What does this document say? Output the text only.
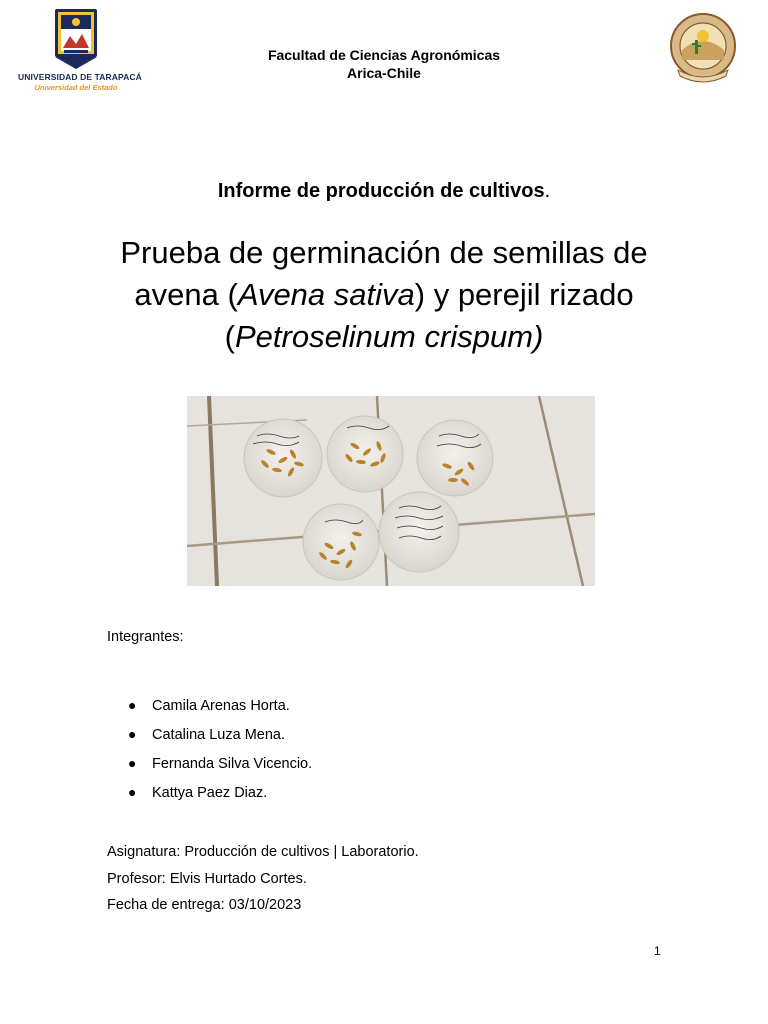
UNIVERSIDAD DE TARAPACÁ
Universidad del Estado
Facultad de Ciencias Agronómicas
Arica-Chile
Informe de producción de cultivos.
Prueba de germinación de semillas de avena (Avena sativa) y perejil rizado (Petroselinum crispum)
Integrantes:
● Camila Arenas Horta.
● Catalina Luza Mena.
● Fernanda Silva Vicencio.
● Kattya Paez Diaz.
Asignatura: Producción de cultivos | Laboratorio.
Profesor: Elvis Hurtado Cortes.
Fecha de entrega: 03/10/2023
1
